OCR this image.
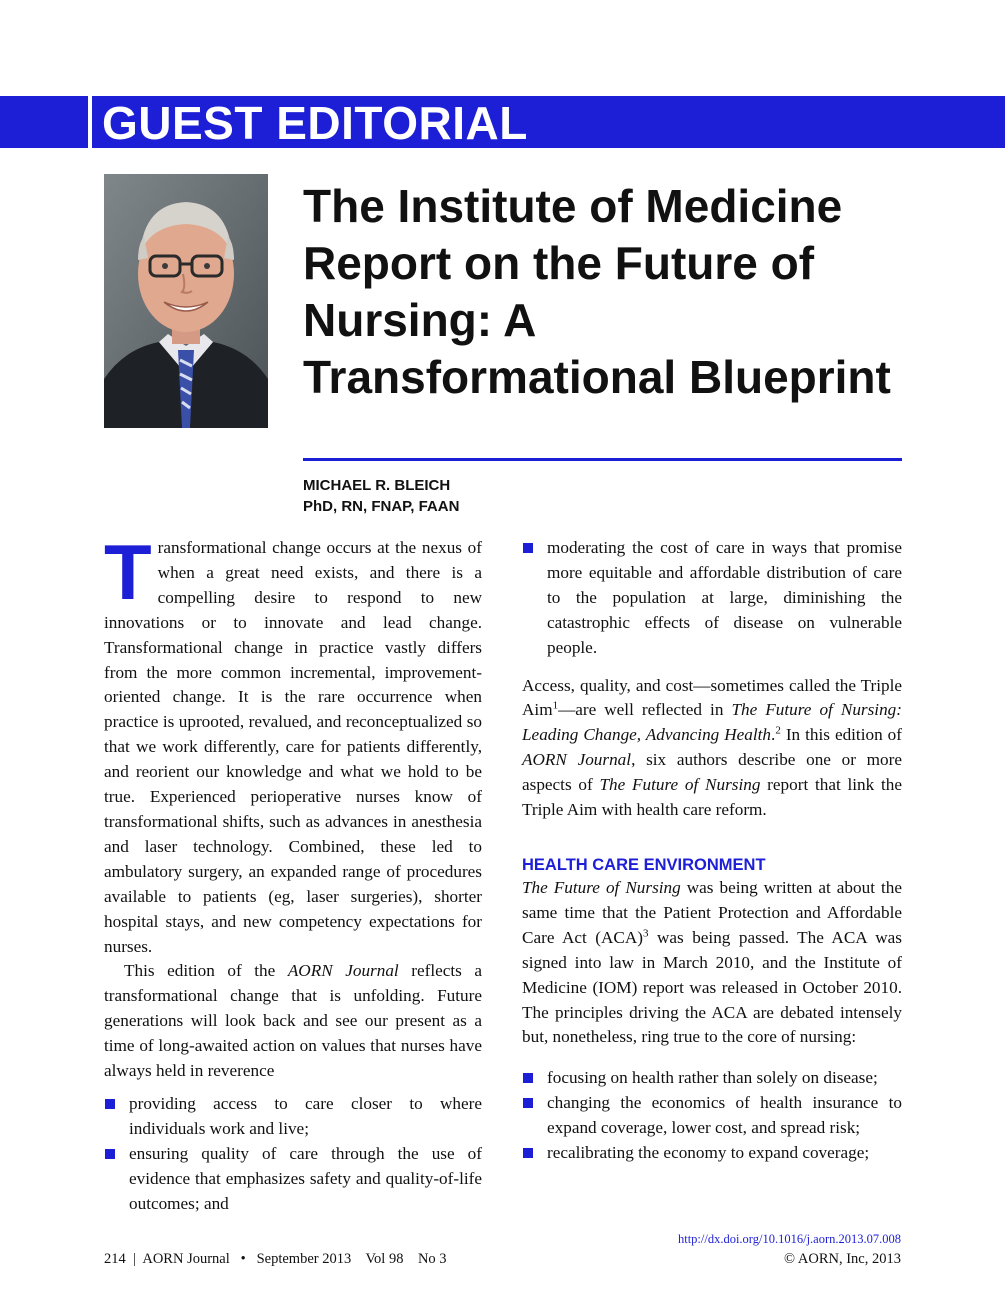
GUEST EDITORIAL
The Institute of Medicine Report on the Future of Nursing: A Transformational Blueprint
MICHAEL R. BLEICH
PhD, RN, FNAP, FAAN

Transformational change occurs at the nexus of when a great need exists, and there is a compelling desire to respond to new innovations or to innovate and lead change. Transformational change in practice vastly differs from the more common incremental, improvement-oriented change. It is the rare occurrence when practice is uprooted, revalued, and reconceptualized so that we work differently, care for patients differently, and reorient our knowledge and what we hold to be true. Experienced perioperative nurses know of transformational shifts, such as advances in anesthesia and laser technology. Combined, these led to ambulatory surgery, an expanded range of procedures available to patients (eg, laser surgeries), shorter hospital stays, and new competency expectations for nurses.

This edition of the AORN Journal reflects a transformational change that is unfolding. Future generations will look back and see our present as a time of long-awaited action on values that nurses have always held in reverence

providing access to care closer to where individuals work and live;
ensuring quality of care through the use of evidence that emphasizes safety and quality-of-life outcomes; and
moderating the cost of care in ways that promise more equitable and affordable distribution of care to the population at large, diminishing the catastrophic effects of disease on vulnerable people.

Access, quality, and cost—sometimes called the Triple Aim$^1$—are well reflected in The Future of Nursing: Leading Change, Advancing Health.$^2$ In this edition of AORN Journal, six authors describe one or more aspects of The Future of Nursing report that link the Triple Aim with health care reform.

HEALTH CARE ENVIRONMENT

The Future of Nursing was being written at about the same time that the Patient Protection and Affordable Care Act (ACA)$^3$ was being passed. The ACA was signed into law in March 2010, and the Institute of Medicine (IOM) report was released in October 2010. The principles driving the ACA are debated intensely but, nonetheless, ring true to the core of nursing:

focusing on health rather than solely on disease;
changing the economics of health insurance to expand coverage, lower cost, and spread risk;
recalibrating the economy to expand coverage;
214  |  AORN Journal   •   September 2013    Vol 98    No 3
http://dx.doi.org/10.1016/j.aorn.2013.07.008
© AORN, Inc, 2013
